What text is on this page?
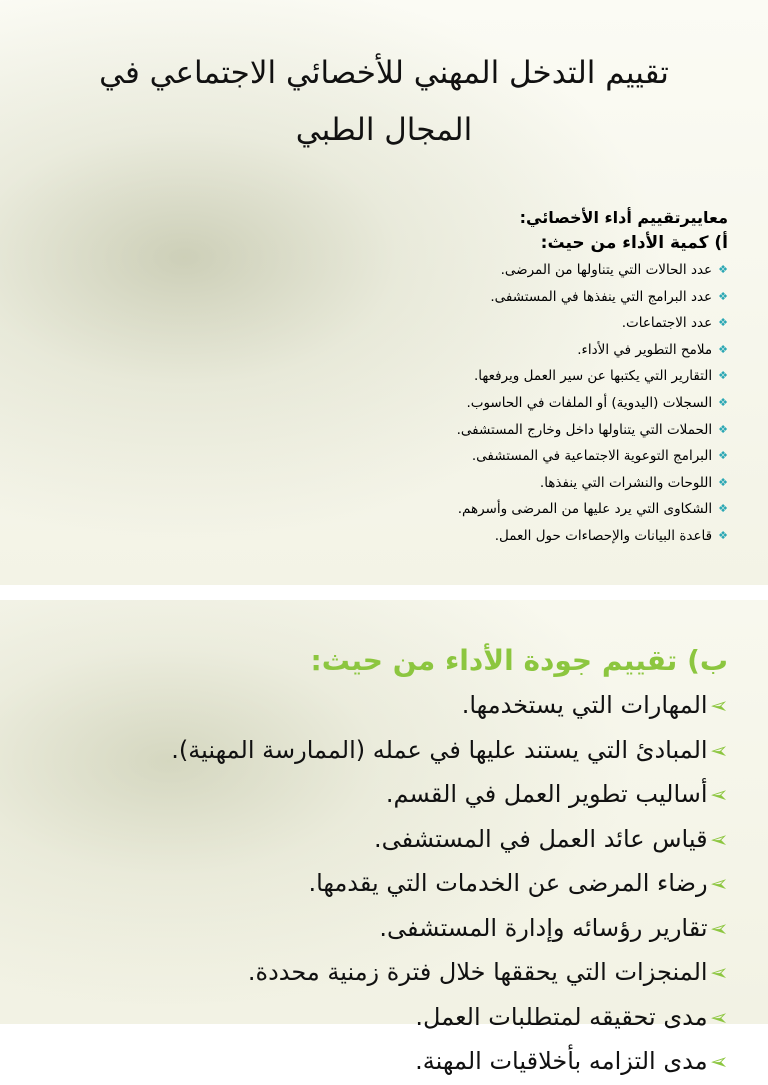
تقييم التدخل المهني للأخصائي الاجتماعي في
المجال الطبي
معاييرتقييم أداء الأخصائي:
أ) كمية الأداء من حيث:
❖عدد الحالات التي يتناولها من المرضى.
❖عدد البرامج التي ينفذها في المستشفى.
❖عدد الاجتماعات.
❖ملامح التطوير في الأداء.
❖التقارير التي يكتبها عن سير العمل ويرفعها.
❖السجلات (اليدوية) أو الملفات في الحاسوب.
❖الحملات التي يتناولها داخل وخارج المستشفى.
❖البرامج التوعوية الاجتماعية في المستشفى.
❖اللوحات والنشرات التي ينفذها.
❖الشكاوى التي يرد عليها من المرضى وأسرهم.
❖قاعدة البيانات والإحصاءات حول العمل.
ب) تقييم جودة الأداء من حيث:
➢المهارات التي يستخدمها.
➢المبادئ التي يستند عليها في عمله (الممارسة المهنية).
➢أساليب تطوير العمل في القسم.
➢قياس عائد العمل في المستشفى.
➢رضاء المرضى عن الخدمات التي يقدمها.
➢تقارير رؤسائه وإدارة المستشفى.
➢المنجزات التي يحققها خلال فترة زمنية محددة.
➢مدى تحقيقه لمتطلبات العمل.
➢مدى التزامه بأخلاقيات المهنة.
